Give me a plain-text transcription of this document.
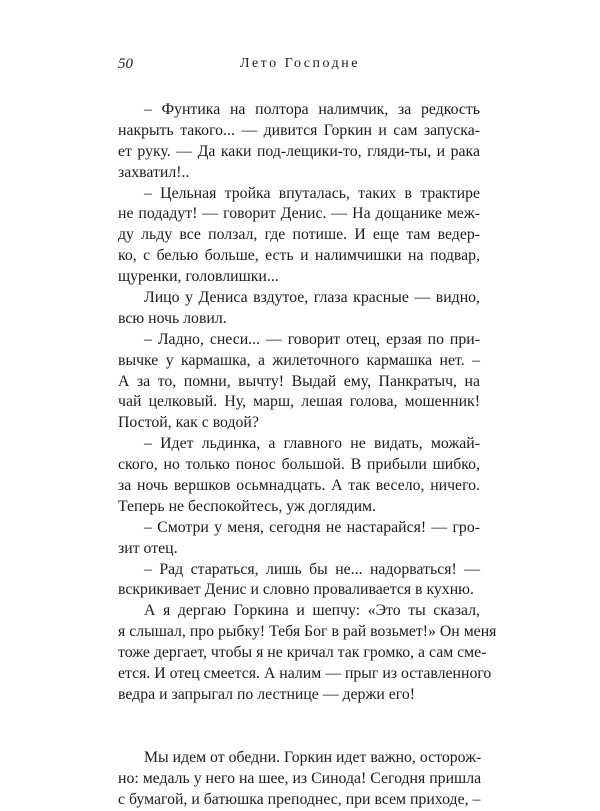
50	Лето Господне
– Фунтика на полтора налимчик, за редкость
накрыть такого... — дивится Горкин и сам запуска-
ет руку. — Да каки под-лещики-то, гляди-ты, и рака
захватил!..
– Цельная тройка впуталась, таких в трактире
не подадут! — говорит Денис. — На дощанике меж-
ду льду все ползал, где потише. И еще там ведер-
ко, с белью больше, есть и налимчишки на подвар,
щуренки, головлишки...
Лицо у Дениса вздутое, глаза красные — видно,
всю ночь ловил.
– Ладно, снеси... — говорит отец, ерзая по при-
вычке у кармашка, а жилеточного кармашка нет. –
А за то, помни, вычту! Выдай ему, Панкратыч, на
чай целковый. Ну, марш, лешая голова, мошенник!
Постой, как с водой?
– Идет льдинка, а главного не видать, можай-
ского, но только понос большой. В прибыли шибко,
за ночь вершков осьмнадцать. А так весело, ничего.
Теперь не беспокойтесь, уж доглядим.
– Смотри у меня, сегодня не настарайся! — гро-
зит отец.
– Рад стараться, лишь бы не... надорваться! —
вскрикивает Денис и словно проваливается в кухню.
А я дергаю Горкина и шепчу: «Это ты сказал,
я слышал, про рыбку! Тебя Бог в рай возьмет!» Он меня
тоже дергает, чтобы я не кричал так громко, а сам сме-
ется. И отец смеется. А налим — прыг из оставленного
ведра и запрыгал по лестнице — держи его!
Мы идем от обедни. Горкин идет важно, осторож-
но: медаль у него на шее, из Синода! Сегодня пришла
с бумагой, и батюшка преподнес, при всем приходе, –
